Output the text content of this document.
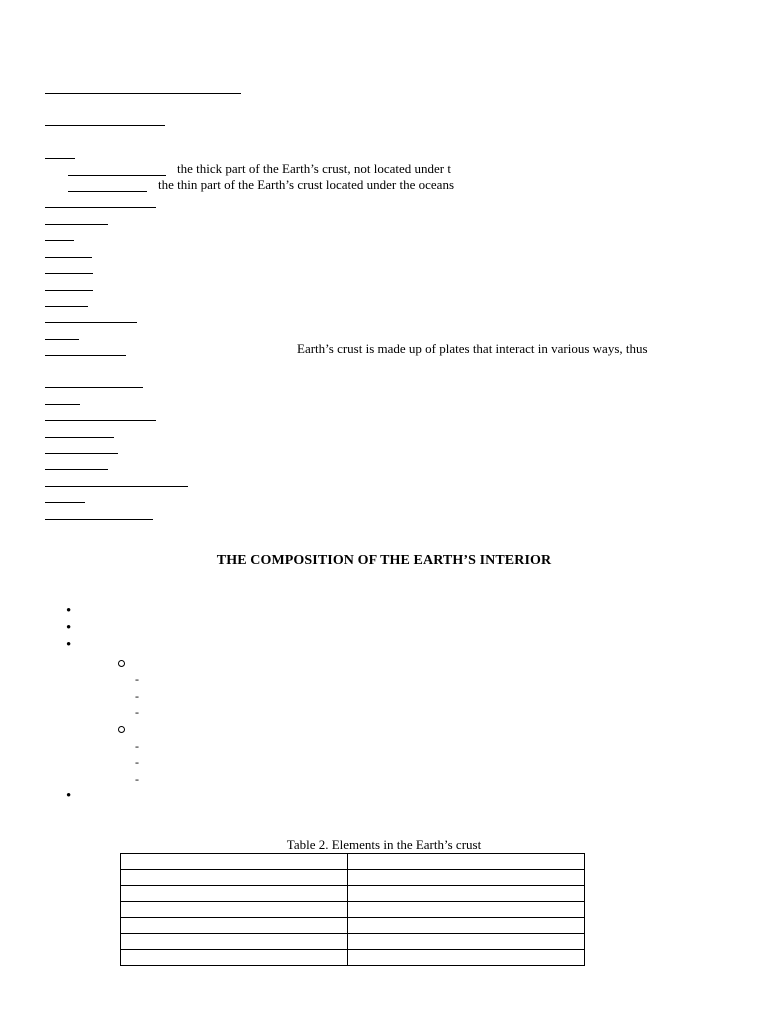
the thick part of the Earth’s crust, not located under t
the thin part of the Earth’s crust located under the oceans
Earth’s crust is made up of plates that interact in various ways, thus
THE COMPOSITION OF THE EARTH’S INTERIOR
•
•
•
-
-
-
-
-
-
•
Table 2. Elements in the Earth’s crust
